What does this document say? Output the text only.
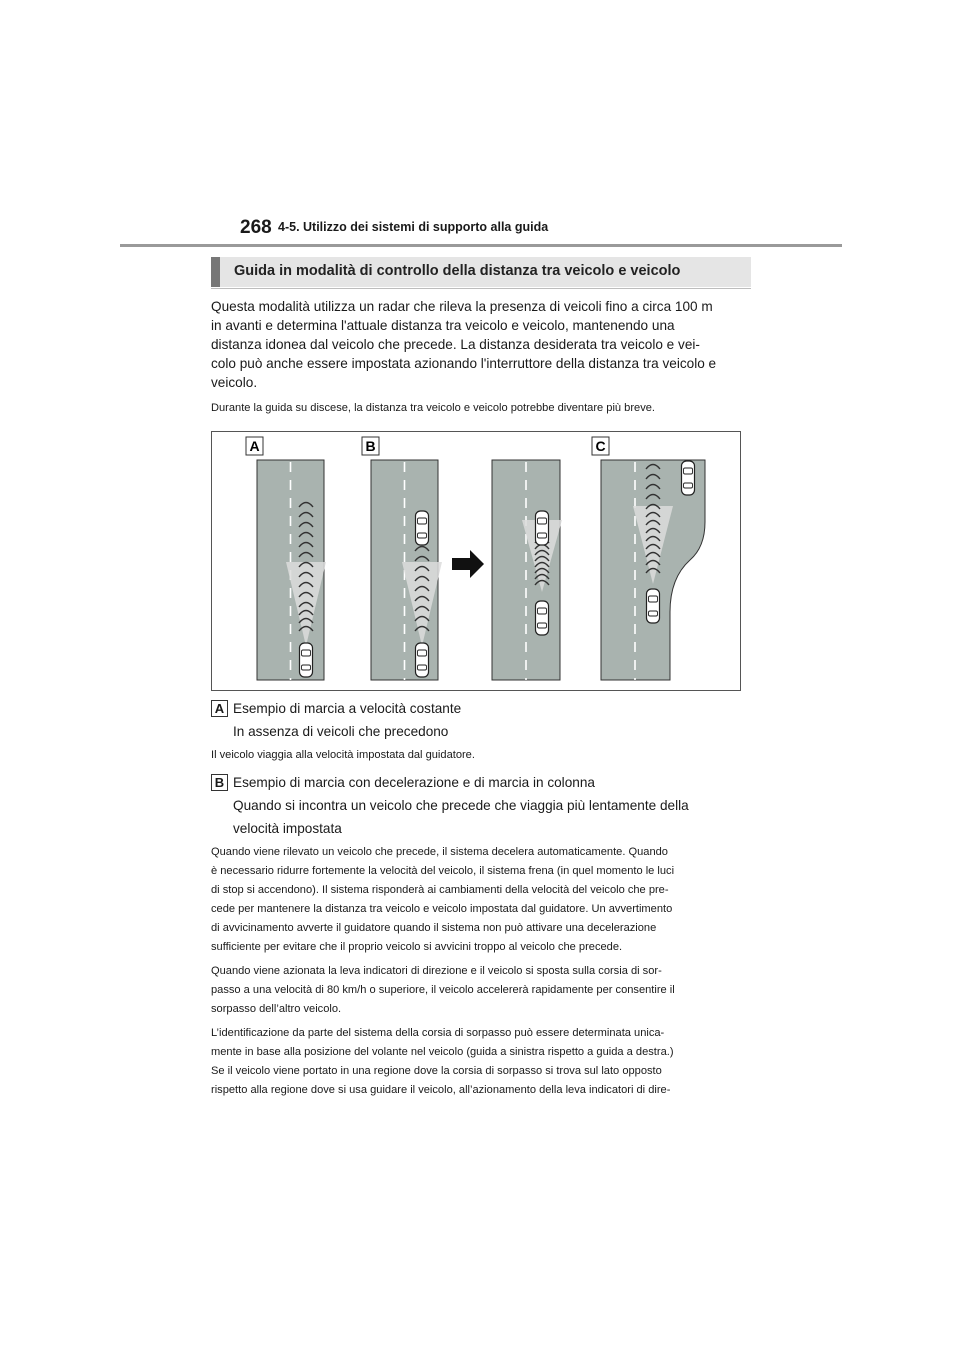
268 4-5. Utilizzo dei sistemi di supporto alla guida
Guida in modalità di controllo della distanza tra veicolo e veicolo
Questa modalità utilizza un radar che rileva la presenza di veicoli fino a circa 100 m
in avanti e determina l'attuale distanza tra veicolo e veicolo, mantenendo una
distanza idonea dal veicolo che precede. La distanza desiderata tra veicolo e vei-
colo può anche essere impostata azionando l'interruttore della distanza tra veicolo e
veicolo.
Durante la guida su discese, la distanza tra veicolo e veicolo potrebbe diventare più breve.
A	B	C
A Esempio di marcia a velocità costante
In assenza di veicoli che precedono
Il veicolo viaggia alla velocità impostata dal guidatore.
B Esempio di marcia con decelerazione e di marcia in colonna
Quando si incontra un veicolo che precede che viaggia più lentamente della
velocità impostata
Quando viene rilevato un veicolo che precede, il sistema decelera automaticamente. Quando
è necessario ridurre fortemente la velocità del veicolo, il sistema frena (in quel momento le luci
di stop si accendono). Il sistema risponderà ai cambiamenti della velocità del veicolo che pre-
cede per mantenere la distanza tra veicolo e veicolo impostata dal guidatore. Un avvertimento
di avvicinamento avverte il guidatore quando il sistema non può attivare una decelerazione
sufficiente per evitare che il proprio veicolo si avvicini troppo al veicolo che precede.
Quando viene azionata la leva indicatori di direzione e il veicolo si sposta sulla corsia di sor-
passo a una velocità di 80 km/h o superiore, il veicolo accelererà rapidamente per consentire il
sorpasso dell’altro veicolo.
L’identificazione da parte del sistema della corsia di sorpasso può essere determinata unica-
mente in base alla posizione del volante nel veicolo (guida a sinistra rispetto a guida a destra.)
Se il veicolo viene portato in una regione dove la corsia di sorpasso si trova sul lato opposto
rispetto alla regione dove si usa guidare il veicolo, all’azionamento della leva indicatori di dire-
